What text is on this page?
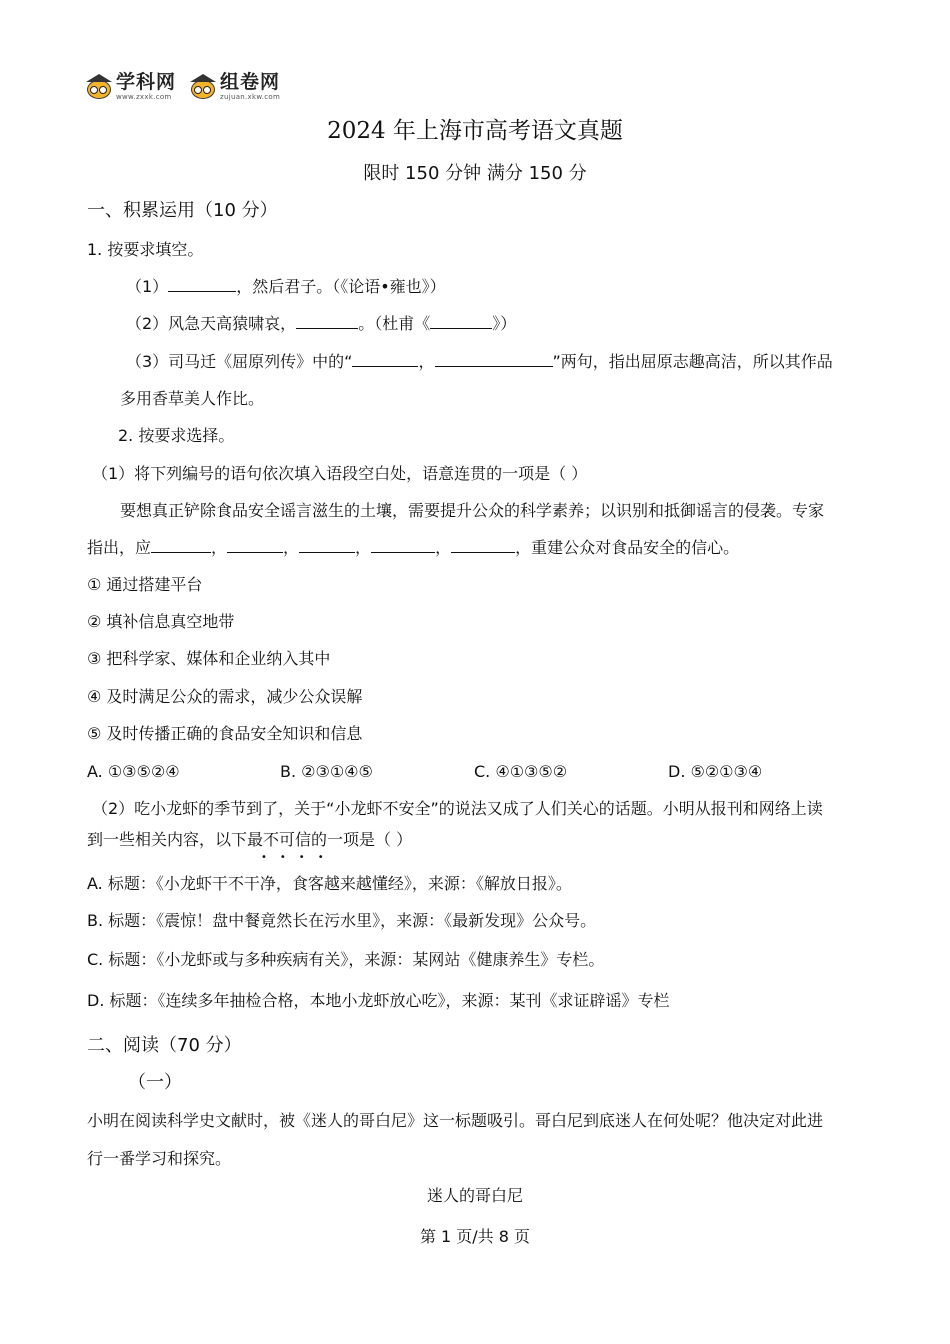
学科网
www.zxxk.com
组卷网
zujuan.xkw.com
2024 年上海市高考语文真题
限时 150 分钟 满分 150 分
一、积累运用（10 分）
1. 按要求填空。
（1）	，然后君子。（《论语•雍也》）
（2）风急天高猿啸哀，	。（杜甫《	》）
（3）司马迁《屈原列传》中的“	，	”两句，指出屈原志趣高洁，所以其作品
多用香草美人作比。
2. 按要求选择。
（1）将下列编号的语句依次填入语段空白处，语意连贯的一项是（ ）
要想真正铲除食品安全谣言滋生的土壤，需要提升公众的科学素养；以识别和抵御谣言的侵袭。专家
指出，应	，	，	，	，	，重建公众对食品安全的信心。
① 通过搭建平台
② 填补信息真空地带
③ 把科学家、媒体和企业纳入其中
④ 及时满足公众的需求，减少公众误解
⑤ 及时传播正确的食品安全知识和信息
A. ①③⑤②④	B. ②③①④⑤	C. ④①③⑤②	D. ⑤②①③④
（2）吃小龙虾的季节到了，关于“小龙虾不安全”的说法又成了人们关心的话题。小明从报刊和网络上读
到一些相关内容，以下最不可信的一项是（ ）
••••
A. 标题：《小龙虾干不干净，食客越来越懂经》，来源：《解放日报》。
B. 标题：《震惊！盘中餐竟然长在污水里》，来源：《最新发现》公众号。
C. 标题：《小龙虾或与多种疾病有关》，来源：某网站《健康养生》专栏。
D. 标题：《连续多年抽检合格，本地小龙虾放心吃》，来源：某刊《求证辟谣》专栏
二、阅读（70 分）
（一）
小明在阅读科学史文献时，被《迷人的哥白尼》这一标题吸引。哥白尼到底迷人在何处呢？他决定对此进
行一番学习和探究。
迷人的哥白尼
第 1 页/共 8 页
